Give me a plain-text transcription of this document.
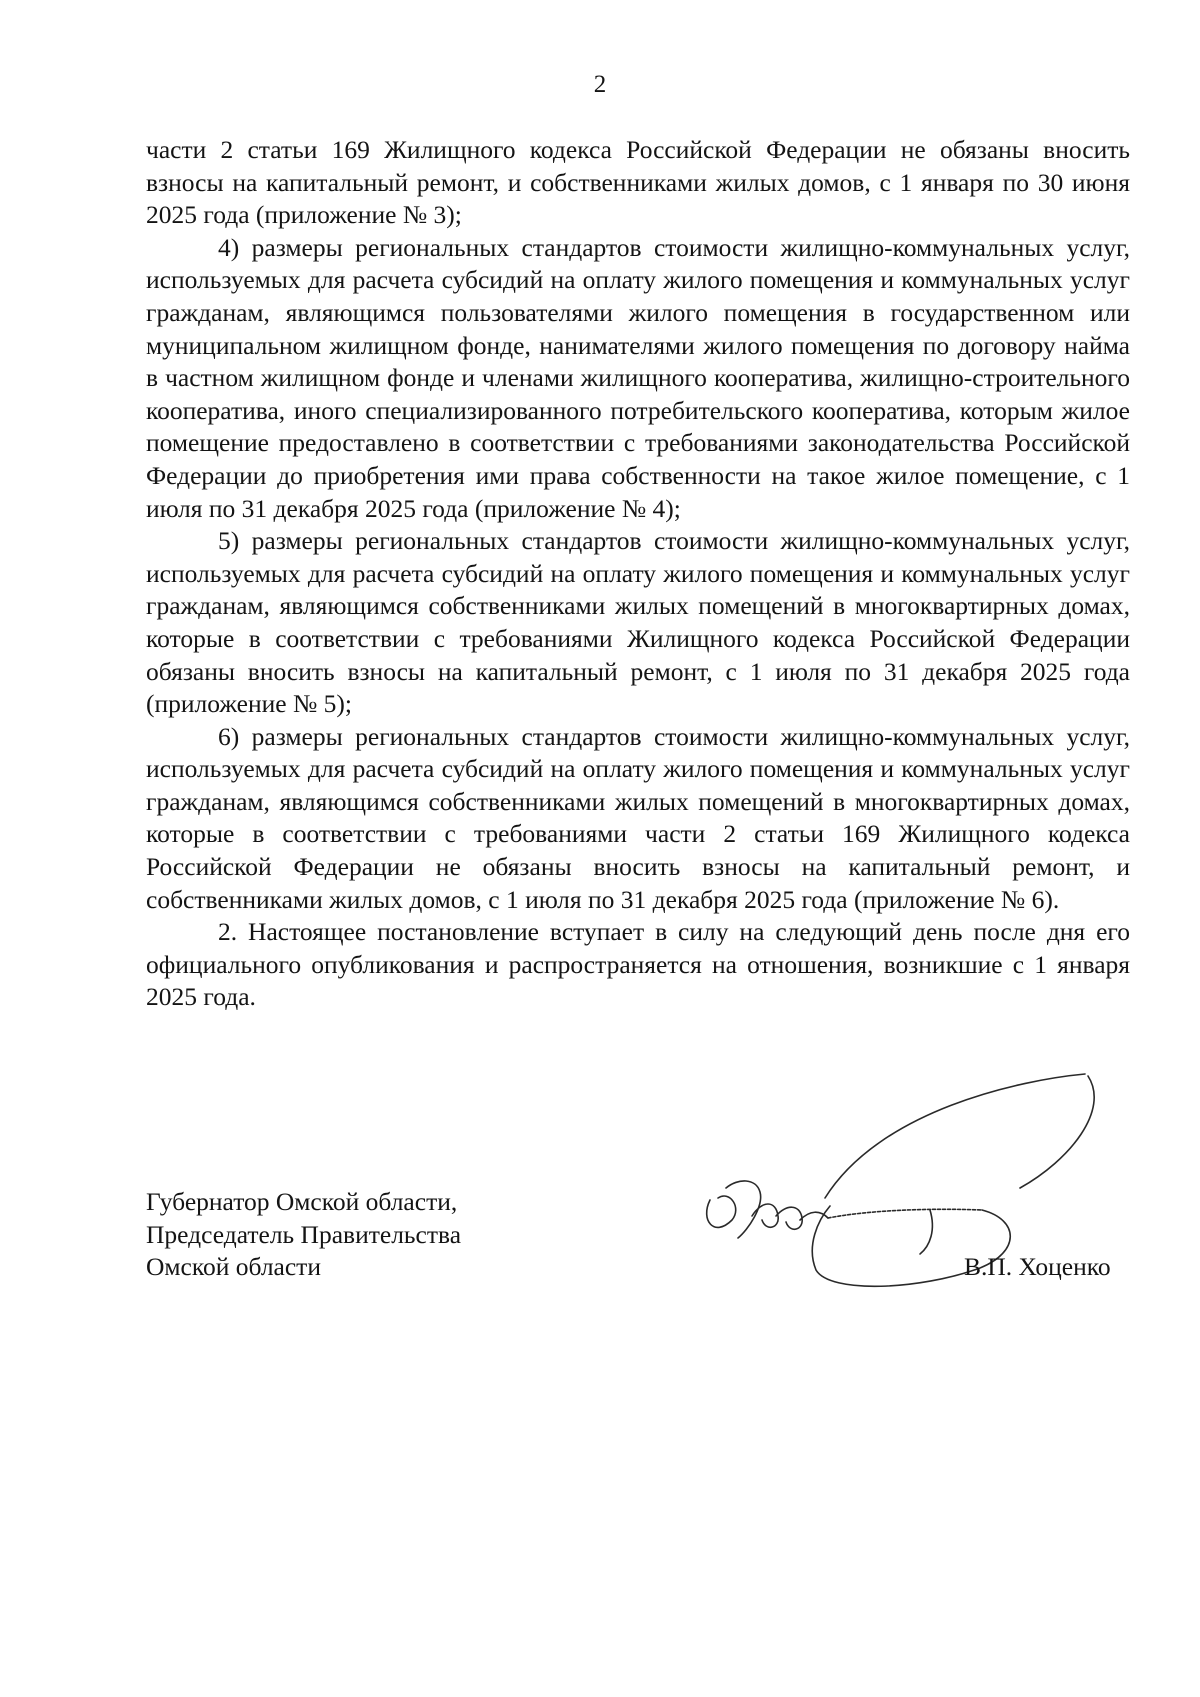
2

части 2 статьи 169 Жилищного кодекса Российской Федерации не обязаны вносить взносы на капитальный ремонт, и собственниками жилых домов, с 1 января по 30 июня 2025 года (приложение № 3);

4) размеры региональных стандартов стоимости жилищно-коммунальных услуг, используемых для расчета субсидий на оплату жилого помещения и коммунальных услуг гражданам, являющимся пользователями жилого помещения в государственном или муниципальном жилищном фонде, нанимателями жилого помещения по договору найма в частном жилищном фонде и членами жилищного кооператива, жилищно-строительного кооператива, иного специализированного потребительского кооператива, которым жилое помещение предоставлено в соответствии с требованиями законодательства Российской Федерации до приобретения ими права собственности на такое жилое помещение, с 1 июля по 31 декабря 2025 года (приложение № 4);

5) размеры региональных стандартов стоимости жилищно-коммунальных услуг, используемых для расчета субсидий на оплату жилого помещения и коммунальных услуг гражданам, являющимся собственниками жилых помещений в многоквартирных домах, которые в соответствии с требованиями Жилищного кодекса Российской Федерации обязаны вносить взносы на капитальный ремонт, с 1 июля по 31 декабря 2025 года (приложение № 5);

6) размеры региональных стандартов стоимости жилищно-коммунальных услуг, используемых для расчета субсидий на оплату жилого помещения и коммунальных услуг гражданам, являющимся собственниками жилых помещений в многоквартирных домах, которые в соответствии с требованиями части 2 статьи 169 Жилищного кодекса Российской Федерации не обязаны вносить взносы на капитальный ремонт, и собственниками жилых домов, с 1 июля по 31 декабря 2025 года (приложение № 6).

2. Настоящее постановление вступает в силу на следующий день после дня его официального опубликования и распространяется на отношения, возникшие с 1 января 2025 года.

Губернатор Омской области,
Председатель Правительства
Омской области	В.П. Хоценко
